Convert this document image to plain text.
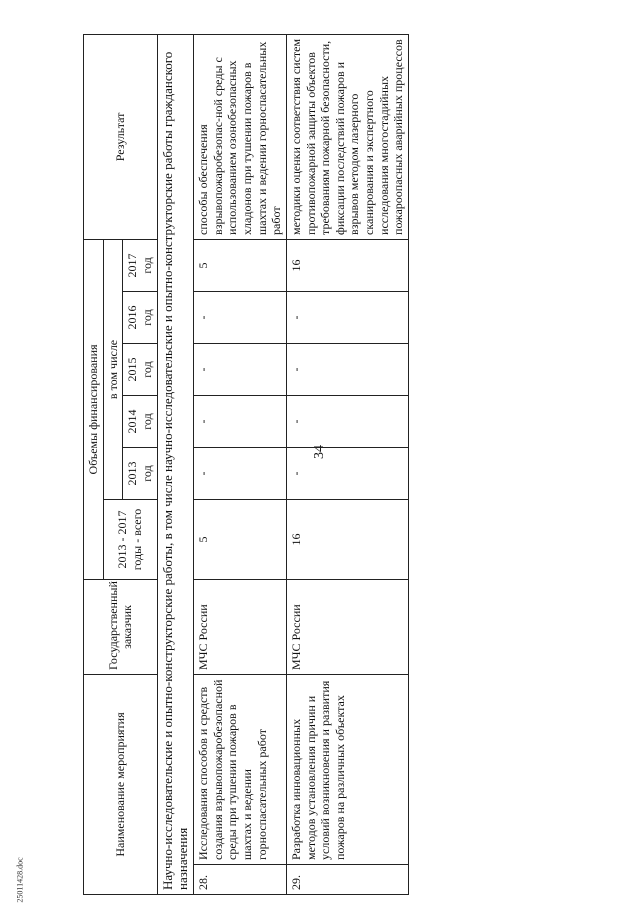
34
25011428.doc
Наименование мероприятия		Государственный заказчик	Объемы финансирования						Результат
			2013 - 2017 годы - всего	в том числе					
				2013 год	2014 год	2015 год	2016 год	2017 год	
Научно-исследовательские и опытно-конструкторские работы, в том числе научно-исследовательские и опытно-конструкторские работы гражданского назначения									
28.	Исследования способов и средств создания взрывопожаробезопасной среды при тушении пожаров в шахтах и ведении горноспасательных работ	МЧС России	5	-	-	-	-	5	способы обеспечения взрывопожаробезопас-ной среды с использованием озонобезопасных хладонов при тушении пожаров в шахтах и ведении горноспасательных работ
29.	Разработка инновационных методов установления причин и условий возникновения и развития пожаров на различных объектах	МЧС России	16	-	-	-	-	16	методики оценки соответствия систем противопожарной защиты объектов требованиям пожарной безопасности, фиксации последствий пожаров и взрывов методом лазерного сканирования и экспертного исследования многостадийных пожароопасных аварийных процессов
